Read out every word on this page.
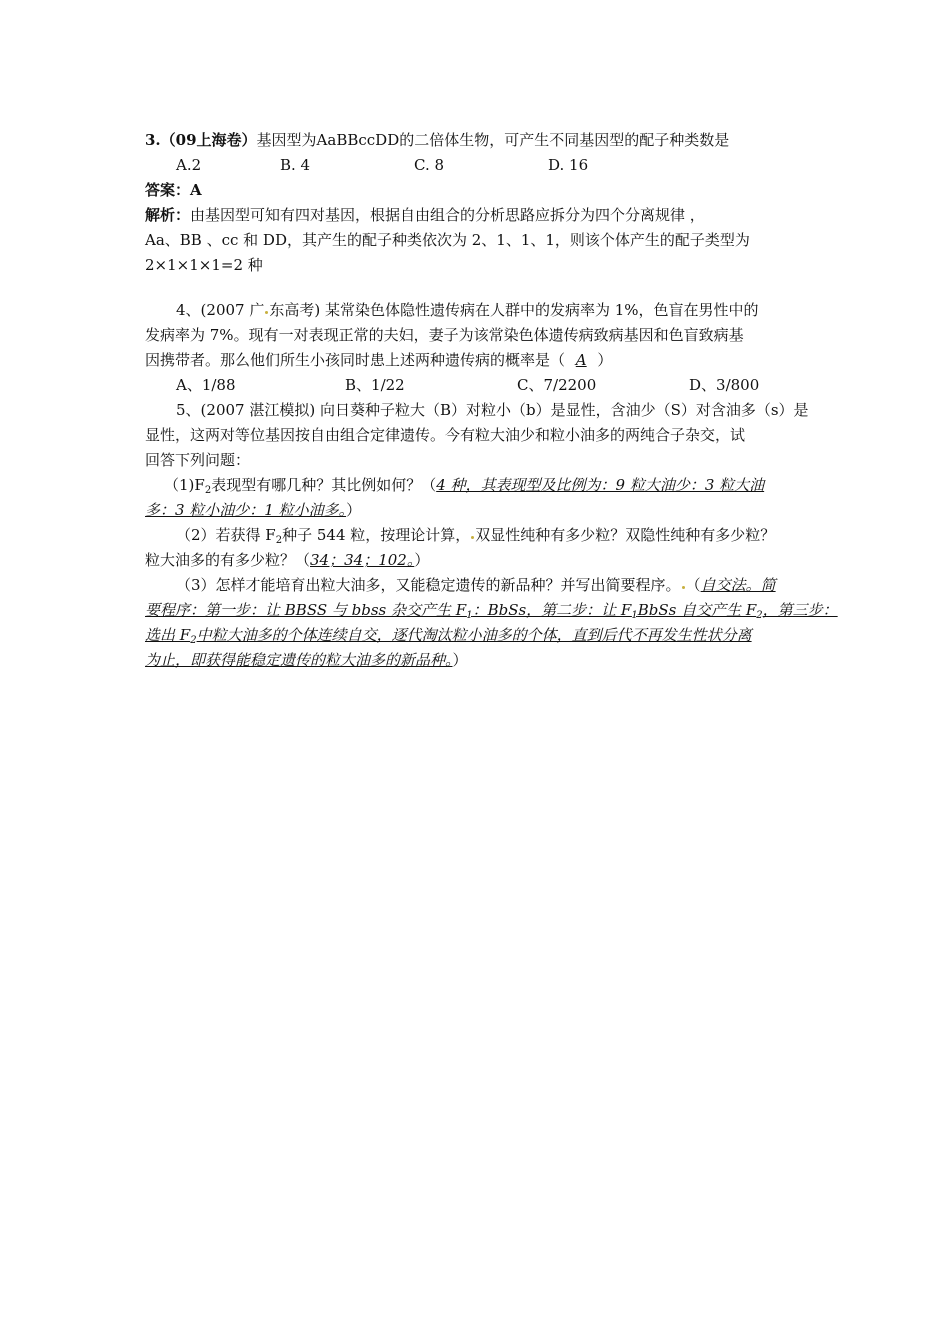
3.（09上海卷）基因型为AaBBccDD的二倍体生物，可产生不同基因型的配子种类数是
A.2	B. 4	C. 8	D. 16
答案：A
解析：由基因型可知有四对基因，根据自由组合的分析思路应拆分为四个分离规律 ，
Aa、BB 、cc 和 DD，其产生的配子种类依次为 2、1、1、1，则该个体产生的配子类型为
2×1×1×1=2 种
4、(2007 广 东高考) 某常染色体隐性遗传病在人群中的发病率为 1%，色盲在男性中的
发病率为 7%。现有一对表现正常的夫妇，妻子为该常染色体遗传病致病基因和色盲致病基
因携带者。那么他们所生小孩同时患上述两种遗传病的概率是（ A ）
A、1/88	B、1/22	C、7/2200	D、3/800
5、(2007 湛江模拟) 向日葵种子粒大（B）对粒小（b）是显性，含油少（S）对含油多（s）是
显性，这两对等位基因按自由组合定律遗传。今有粒大油少和粒小油多的两纯合子杂交，试
回答下列问题：
$(1)F_2$表现型有哪几种？其比例如何？（4 种，其表现型及比例为：9 粒大油少：3 粒大油
多：3 粒小油少：1 粒小油多。）
（2）若获得 $F_2$种子 544 粒，按理论计算， 双显性纯种有多少粒？双隐性纯种有多少粒？
粒大油多的有多少粒？（34；34；102。）
（3）怎样才能培育出粒大油多，又能稳定遗传的新品种？并写出简要程序。 （自交法。简
要程序：第一步：让 BBSS 与 bbss 杂交产生 $F_1$：BbSs，第二步：让 $F_1BbSs$ 自交产生 $F_2$，第三步：
选出 $F_2$中粒大油多的个体连续自交，逐代淘汰粒小油多的个体，直到后代不再发生性状分离
为止，即获得能稳定遗传的粒大油多的新品种。）
